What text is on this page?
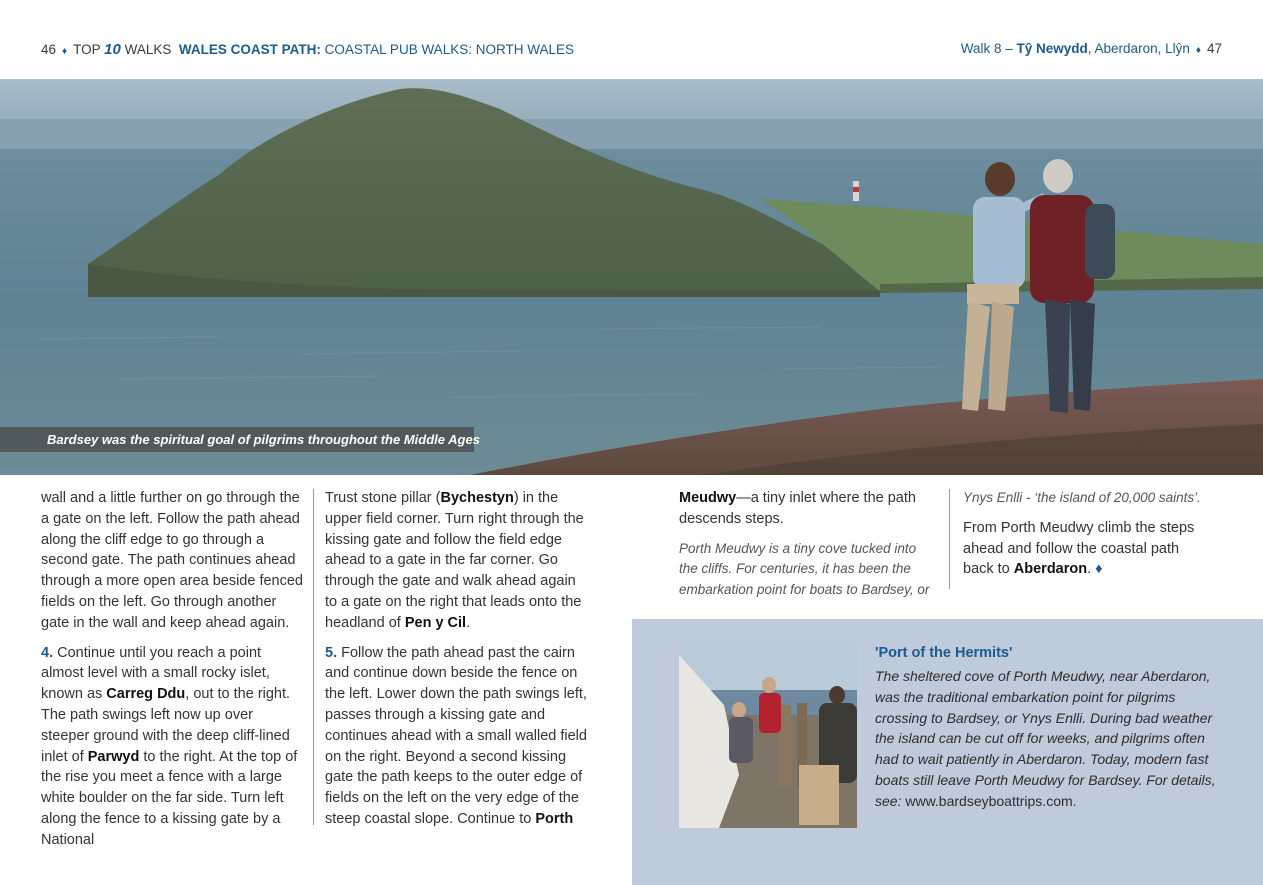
46 ♦ TOP 10 WALKS WALES COAST PATH: COASTAL PUB WALKS: NORTH WALES	Walk 8 – Tŷ Newydd, Aberdaron, Llŷn ♦ 47
Bardsey was the spiritual goal of pilgrims throughout the Middle Ages

wall and a little further on go through the a gate on the left. Follow the path ahead along the cliff edge to go through a second gate. The path continues ahead through a more open area beside fenced fields on the left. Go through another gate in the wall and keep ahead again.

4. Continue until you reach a point almost level with a small rocky islet, known as Carreg Ddu, out to the right. The path swings left now up over steeper ground with the deep cliff-lined inlet of Parwyd to the right. At the top of the rise you meet a fence with a large white boulder on the far side. Turn left along the fence to a kissing gate by a National

Trust stone pillar (Bychestyn) in the upper field corner. Turn right through the kissing gate and follow the field edge ahead to a gate in the far corner. Go through the gate and walk ahead again to a gate on the right that leads onto the headland of Pen y Cil.

5. Follow the path ahead past the cairn and continue down beside the fence on the left. Lower down the path swings left, passes through a kissing gate and continues ahead with a small walled field on the right. Beyond a second kissing gate the path keeps to the outer edge of fields on the left on the very edge of the steep coastal slope. Continue to Porth

Meudwy—a tiny inlet where the path descends steps.

Porth Meudwy is a tiny cove tucked into the cliffs. For centuries, it has been the embarkation point for boats to Bardsey, or

Ynys Enlli - ‘the island of 20,000 saints’.

From Porth Meudwy climb the steps ahead and follow the coastal path back to Aberdaron. ♦

'Port of the Hermits'
The sheltered cove of Porth Meudwy, near Aberdaron, was the traditional embarkation point for pilgrims crossing to Bardsey, or Ynys Enlli. During bad weather the island can be cut off for weeks, and pilgrims often had to wait patiently in Aberdaron. Today, modern fast boats still leave Porth Meudwy for Bardsey. For details, see: www.bardseyboattrips.com.
